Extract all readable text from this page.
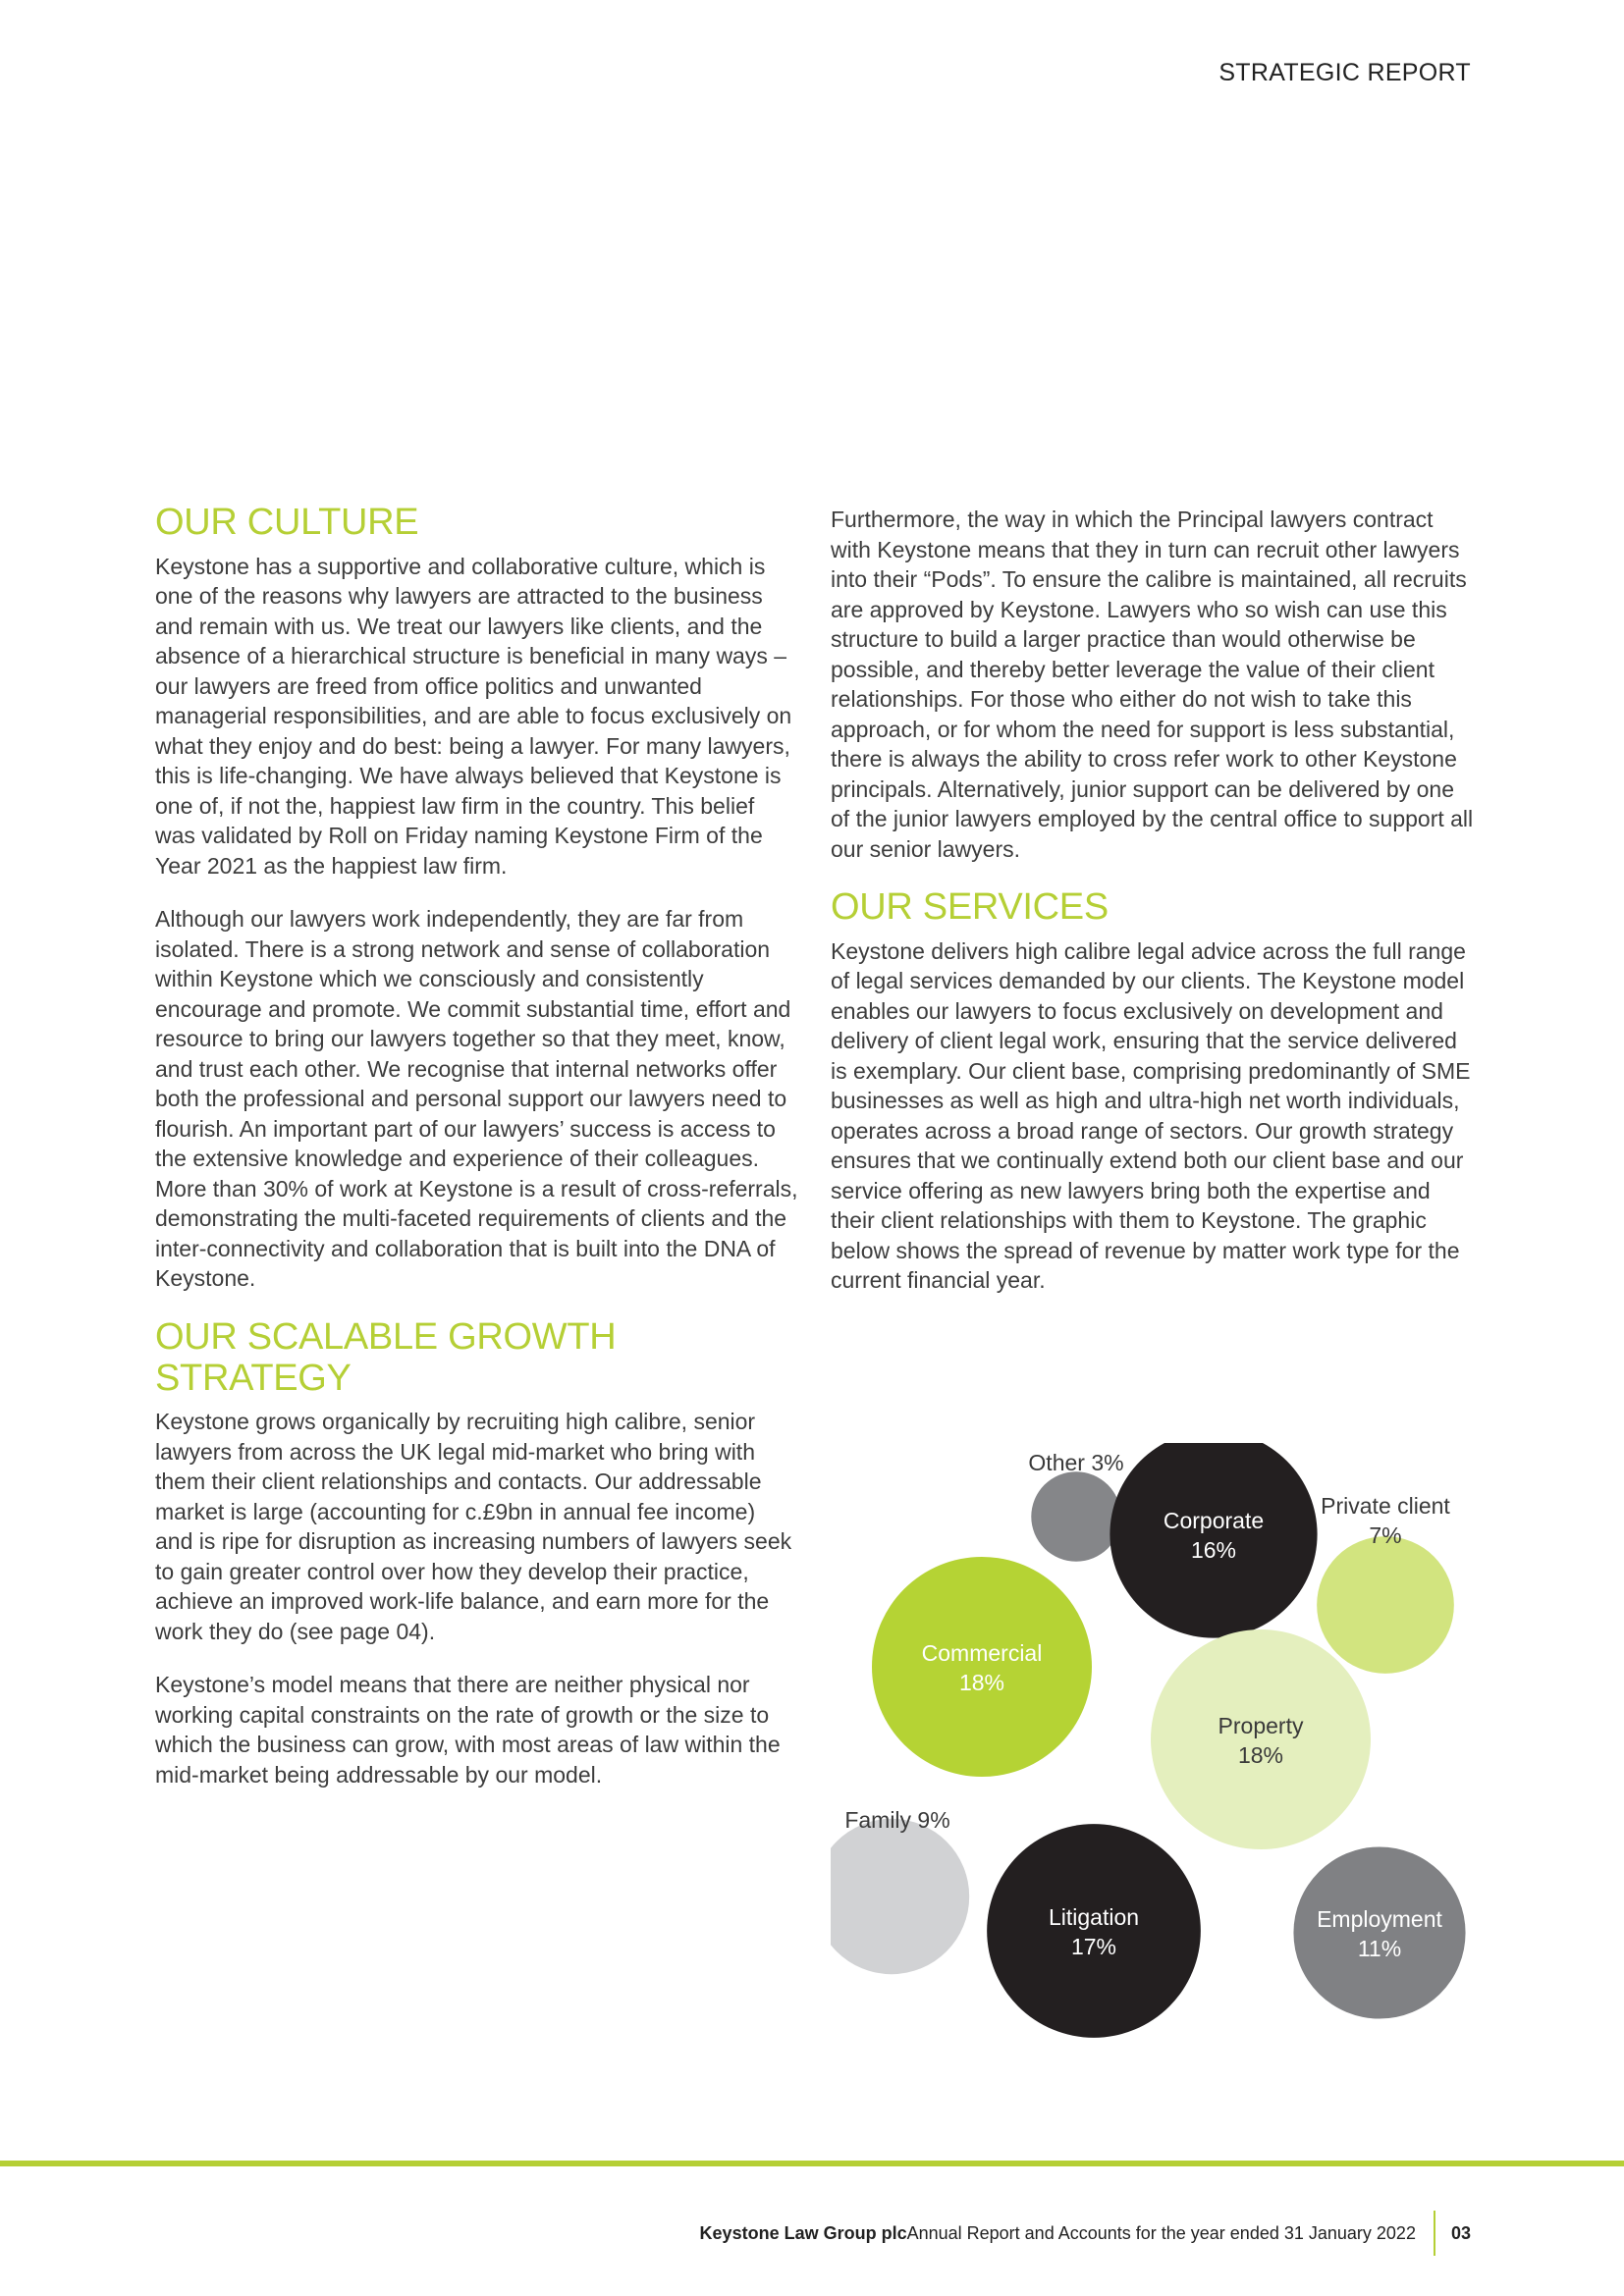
STRATEGIC REPORT
OUR CULTURE

Keystone has a supportive and collaborative culture, which is one of the reasons why lawyers are attracted to the business and remain with us. We treat our lawyers like clients, and the absence of a hierarchical structure is beneficial in many ways – our lawyers are freed from office politics and unwanted managerial responsibilities, and are able to focus exclusively on what they enjoy and do best: being a lawyer. For many lawyers, this is life-changing. We have always believed that Keystone is one of, if not the, happiest law firm in the country. This belief was validated by Roll on Friday naming Keystone Firm of the Year 2021 as the happiest law firm.

Although our lawyers work independently, they are far from isolated. There is a strong network and sense of collaboration within Keystone which we consciously and consistently encourage and promote. We commit substantial time, effort and resource to bring our lawyers together so that they meet, know, and trust each other. We recognise that internal networks offer both the professional and personal support our lawyers need to flourish. An important part of our lawyers’ success is access to the extensive knowledge and experience of their colleagues. More than 30% of work at Keystone is a result of cross-referrals, demonstrating the multi-faceted requirements of clients and the inter-connectivity and collaboration that is built into the DNA of Keystone.

OUR SCALABLE GROWTH STRATEGY

Keystone grows organically by recruiting high calibre, senior lawyers from across the UK legal mid-market who bring with them their client relationships and contacts. Our addressable market is large (accounting for c.£9bn in annual fee income) and is ripe for disruption as increasing numbers of lawyers seek to gain greater control over how they develop their practice, achieve an improved work-life balance, and earn more for the work they do (see page 04).

Keystone’s model means that there are neither physical nor working capital constraints on the rate of growth or the size to which the business can grow, with most areas of law within the mid-market being addressable by our model.

Furthermore, the way in which the Principal lawyers contract with Keystone means that they in turn can recruit other lawyers into their “Pods”. To ensure the calibre is maintained, all recruits are approved by Keystone. Lawyers who so wish can use this structure to build a larger practice than would otherwise be possible, and thereby better leverage the value of their client relationships. For those who either do not wish to take this approach, or for whom the need for support is less substantial, there is always the ability to cross refer work to other Keystone principals. Alternatively, junior support can be delivered by one of the junior lawyers employed by the central office to support all our senior lawyers.

OUR SERVICES

Keystone delivers high calibre legal advice across the full range of legal services demanded by our clients. The Keystone model enables our lawyers to focus exclusively on development and delivery of client legal work, ensuring that the service delivered is exemplary. Our client base, comprising predominantly of SME businesses as well as high and ultra-high net worth individuals, operates across a broad range of sectors. Our growth strategy ensures that we continually extend both our client base and our service offering as new lawyers bring both the expertise and their client relationships with them to Keystone. The graphic below shows the spread of revenue by matter work type for the current financial year.

Other 3%
Corporate 16%
Private client 7%
Commercial 18%
Property 18%
Family 9%
Litigation 17%
Employment 11%
Keystone Law Group plc Annual Report and Accounts for the year ended 31 January 2022 03
